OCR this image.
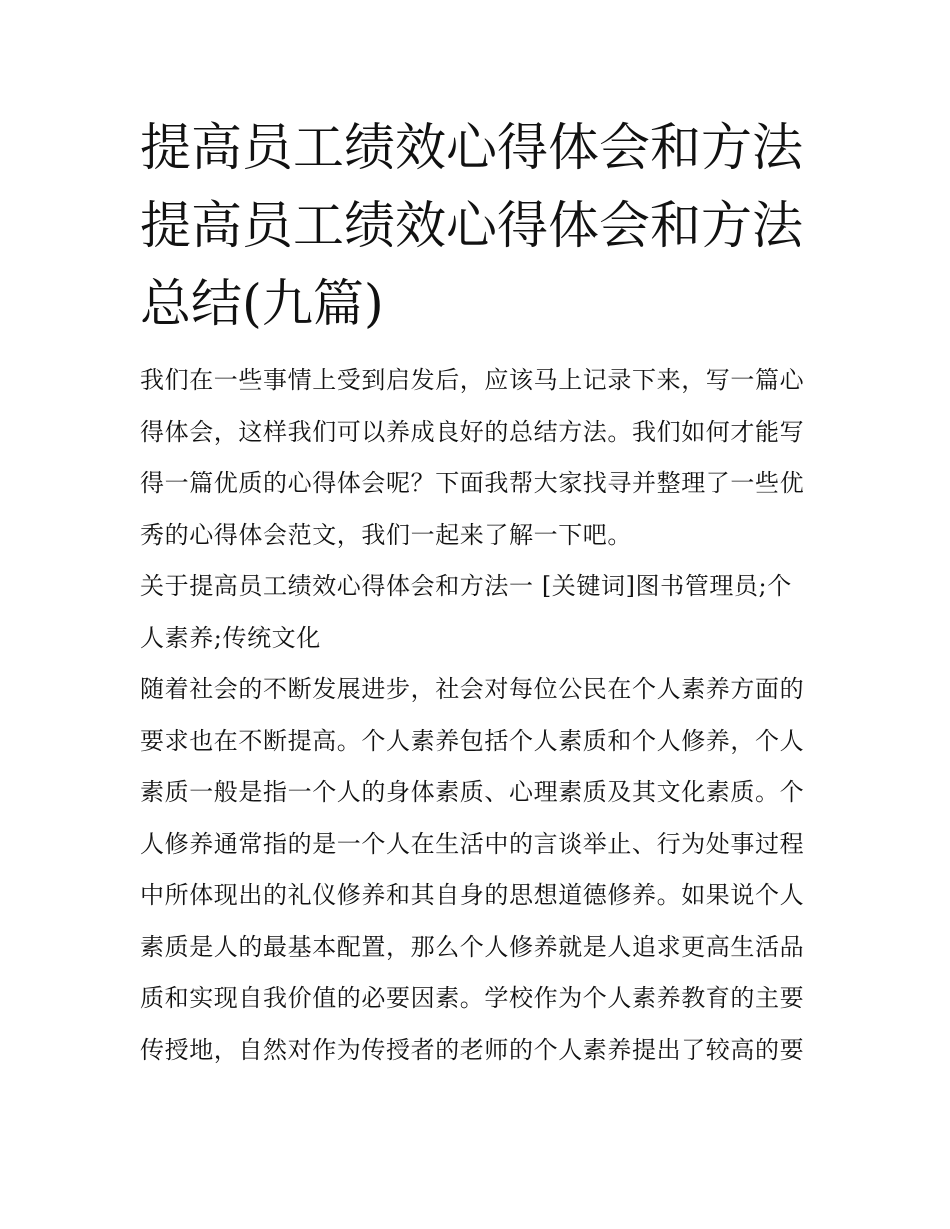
提高员工绩效心得体会和方法
提高员工绩效心得体会和方法
总结(九篇)
我们在一些事情上受到启发后，应该马上记录下来，写一篇心
得体会，这样我们可以养成良好的总结方法。我们如何才能写
得一篇优质的心得体会呢？下面我帮大家找寻并整理了一些优
秀的心得体会范文，我们一起来了解一下吧。
关于提高员工绩效心得体会和方法一 [关键词]图书管理员;个
人素养;传统文化
随着社会的不断发展进步，社会对每位公民在个人素养方面的
要求也在不断提高。个人素养包括个人素质和个人修养，个人
素质一般是指一个人的身体素质、心理素质及其文化素质。个
人修养通常指的是一个人在生活中的言谈举止、行为处事过程
中所体现出的礼仪修养和其自身的思想道德修养。如果说个人
素质是人的最基本配置，那么个人修养就是人追求更高生活品
质和实现自我价值的必要因素。学校作为个人素养教育的主要
传授地，自然对作为传授者的老师的个人素养提出了较高的要
